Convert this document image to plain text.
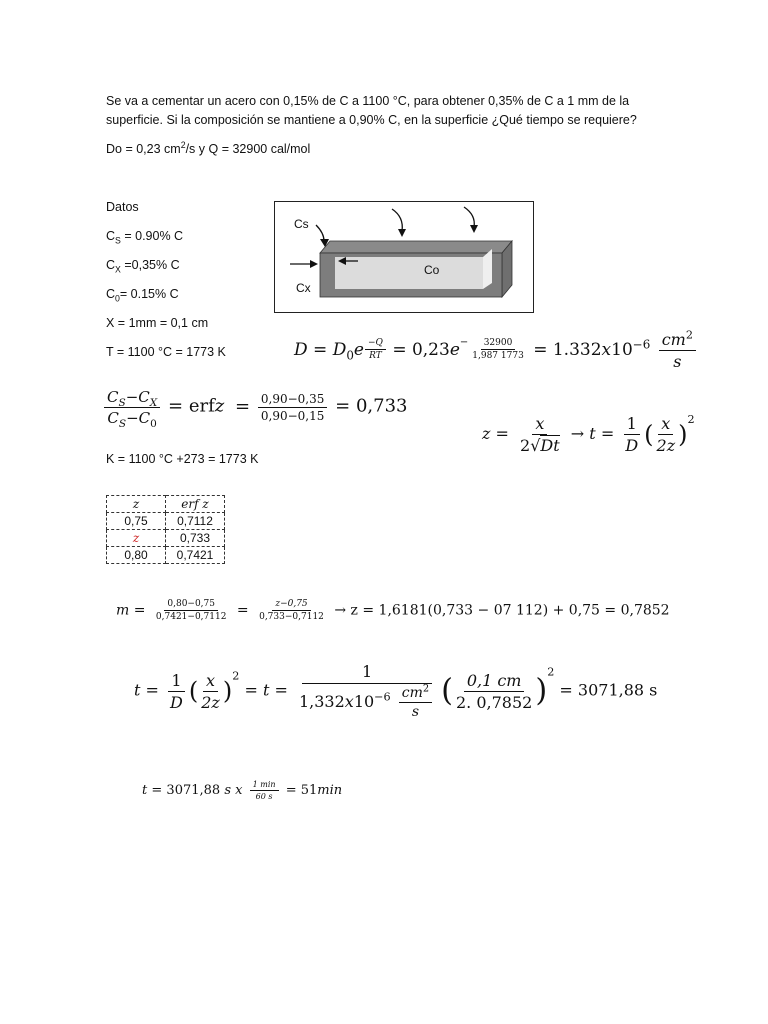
Se va a cementar un acero con 0,15% de C a 1100 °C, para obtener 0,35% de C a 1 mm de la
superficie. Si la composición se mantiene a 0,90% C, en la superficie ¿Qué tiempo se requiere?
Do = 0,23 $cm^2/s$ y Q = 32900 cal/mol
Datos
$C_S = 0.90\%$ C
$C_X =0,35\%$ C
$C_0= 0.15\%$ C
X = 1mm = 0,1 cm
T = 1100 °C = 1773 K
Cs
Cx
Co
$D = D_0e \frac{-Q}{RT} = 0,23e^- \frac{32900}{1,987 1773} = 1.332x10^{-6} \frac{cm^2}{s}$
$\frac{C_S-C_X}{C_S-C_0}$ = erfz = $\frac{0,90-0,35}{0,90-0,15} = 0,733$
$z = \frac{x}{2√Dt} \to t = \frac{1}{D}$ ( $\frac{x}{2z} )^2$
K = 1100 °C +273 = 1773 K
z	erf z
0,75	0,7112
z	0,733
0,80	0,7421
$m = \frac{0,80-0,75}{0,7421-0,7112} = \frac{z-0,75}{0,733-0,7112} \to z = 1,6181(0,733 - 07$ 112) + 0,75 = 0,7852
$t = \frac{1}{D}$ ( $\frac{x}{2z} )^2 = t = \frac{1}{1,332x10^{-6} \frac{cm^2}{s}}$ ( $\frac{0,1 cm}{2. 0,7852} )^2 = 3071,88$ s
t = 3071,88 s x $\frac{1 \min}{60 s} = 51\min$
